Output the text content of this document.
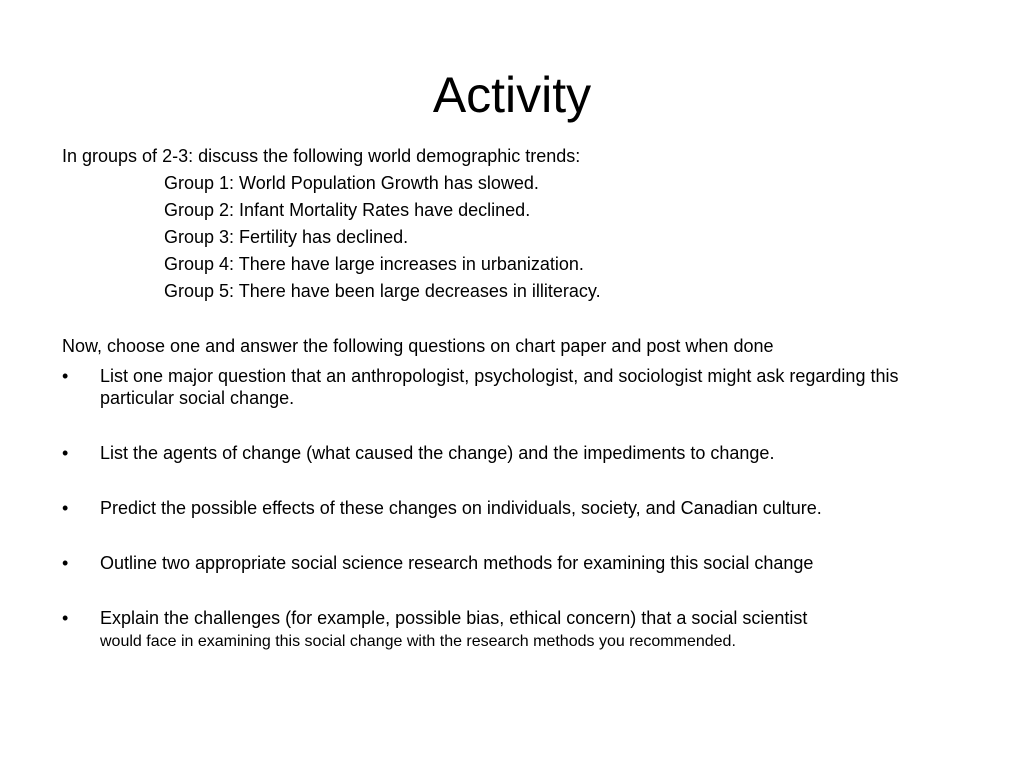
Activity
In groups of 2-3: discuss the following world demographic trends:
Group 1: World Population Growth has slowed.
Group 2: Infant Mortality Rates have declined.
Group 3: Fertility has declined.
Group 4: There have large increases in urbanization.
Group 5: There have been large decreases in illiteracy.
Now, choose one and answer the following questions on chart paper and post when done
•	List one major question that an anthropologist, psychologist, and sociologist might ask regarding this particular social change.
•	List the agents of change (what caused the change) and the impediments to change.
•	Predict the possible effects of these changes on individuals, society, and Canadian culture.
•	Outline two appropriate social science research methods for examining this social change
•	Explain the challenges (for example, possible bias, ethical concern) that a social scientist
would face in examining this social change with the research methods you recommended.
